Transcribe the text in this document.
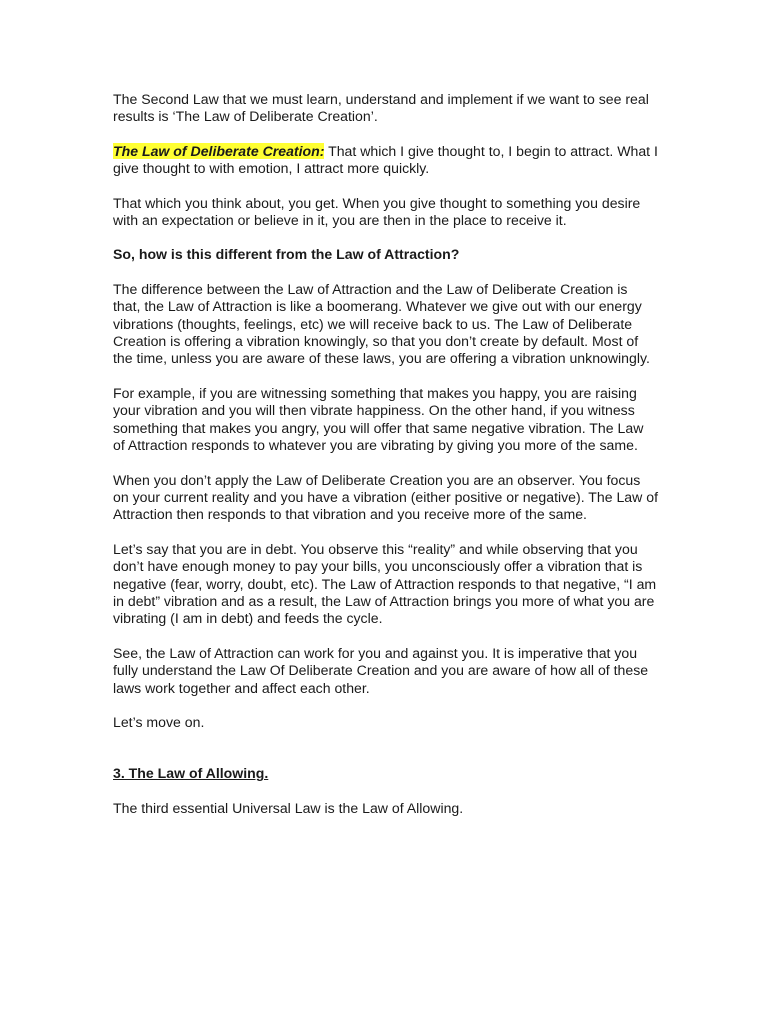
The Second Law that we must learn, understand and implement if we want to see real results is ‘The Law of Deliberate Creation’.

The Law of Deliberate Creation: That which I give thought to, I begin to attract. What I give thought to with emotion, I attract more quickly.

That which you think about, you get. When you give thought to something you desire with an expectation or believe in it, you are then in the place to receive it.

So, how is this different from the Law of Attraction?

The difference between the Law of Attraction and the Law of Deliberate Creation is that, the Law of Attraction is like a boomerang. Whatever we give out with our energy vibrations (thoughts, feelings, etc) we will receive back to us. The Law of Deliberate Creation is offering a vibration knowingly, so that you don’t create by default. Most of the time, unless you are aware of these laws, you are offering a vibration unknowingly.

For example, if you are witnessing something that makes you happy, you are raising your vibration and you will then vibrate happiness. On the other hand, if you witness something that makes you angry, you will offer that same negative vibration. The Law of Attraction responds to whatever you are vibrating by giving you more of the same.

When you don’t apply the Law of Deliberate Creation you are an observer. You focus on your current reality and you have a vibration (either positive or negative). The Law of Attraction then responds to that vibration and you receive more of the same.

Let’s say that you are in debt. You observe this “reality” and while observing that you don’t have enough money to pay your bills, you unconsciously offer a vibration that is negative (fear, worry, doubt, etc). The Law of Attraction responds to that negative, “I am in debt” vibration and as a result, the Law of Attraction brings you more of what you are vibrating (I am in debt) and feeds the cycle.

See, the Law of Attraction can work for you and against you. It is imperative that you fully understand the Law Of Deliberate Creation and you are aware of how all of these laws work together and affect each other.

Let’s move on.

3. The Law of Allowing.

The third essential Universal Law is the Law of Allowing.
